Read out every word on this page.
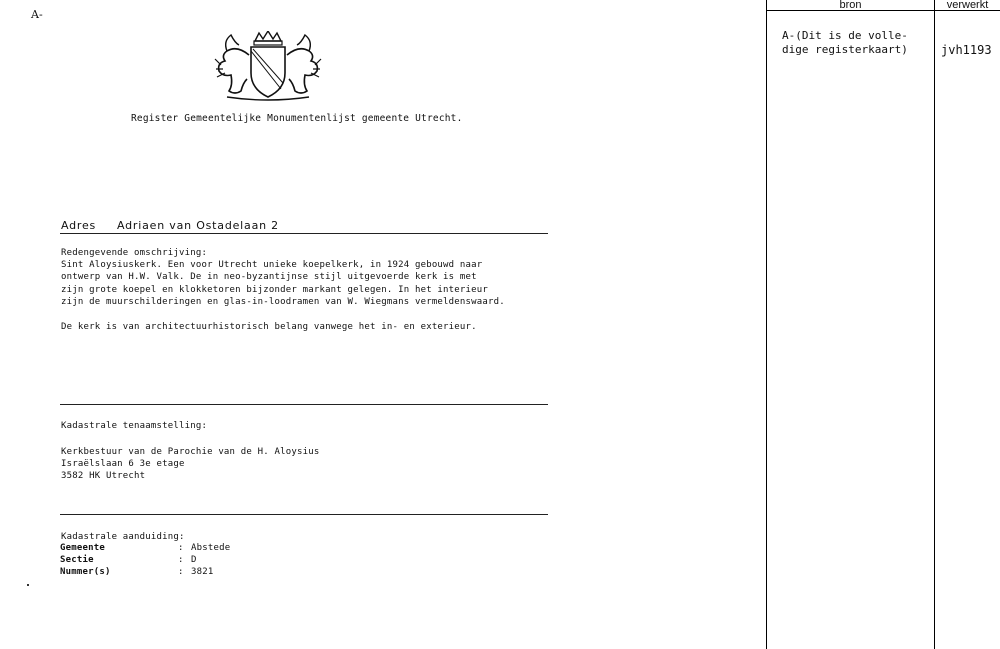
A-

Register Gemeentelijke Monumentenlijst gemeente Utrecht.
Adres Adriaen van Ostadelaan 2
Redengevende omschrijving:
Sint Aloysiuskerk. Een voor Utrecht unieke koepelkerk, in 1924 gebouwd naar
ontwerp van H.W. Valk. De in neo-byzantijnse stijl uitgevoerde kerk is met
zijn grote koepel en klokketoren bijzonder markant gelegen. In het interieur
zijn de muurschilderingen en glas-in-loodramen van W. Wiegmans vermeldenswaard.
De kerk is van architectuurhistorisch belang vanwege het in- en exterieur.
Kadastrale tenaamstelling:
Kerkbestuur van de Parochie van de H. Aloysius
Israëlslaan 6 3e etage
3582 HK Utrecht
Kadastrale aanduiding:
Gemeente	: Abstede
Sectie	: D
Nummer(s)	: 3821
bron	verwerkt
A-(Dit is de volle-
dige registerkaart)	jvh1193
